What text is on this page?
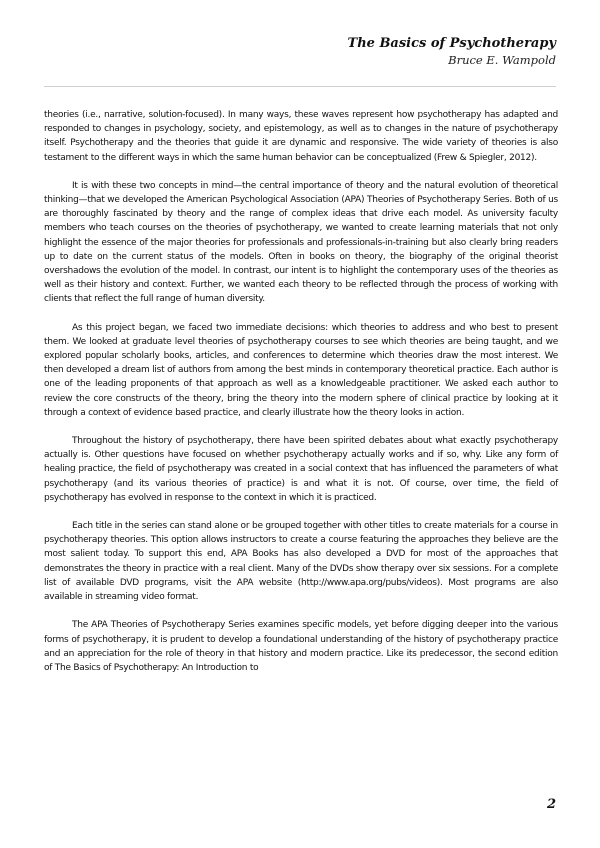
The Basics of Psychotherapy
Bruce E. Wampold

theories (i.e., narrative, solution-focused). In many ways, these waves represent how psychotherapy has adapted and responded to changes in psychology, society, and epistemology, as well as to changes in the nature of psychotherapy itself. Psychotherapy and the theories that guide it are dynamic and responsive. The wide variety of theories is also testament to the different ways in which the same human behavior can be conceptualized (Frew & Spiegler, 2012).

It is with these two concepts in mind—the central importance of theory and the natural evolution of theoretical thinking—that we developed the American Psychological Association (APA) Theories of Psychotherapy Series. Both of us are thoroughly fascinated by theory and the range of complex ideas that drive each model. As university faculty members who teach courses on the theories of psychotherapy, we wanted to create learning materials that not only highlight the essence of the major theories for professionals and professionals-in-training but also clearly bring readers up to date on the current status of the models. Often in books on theory, the biography of the original theorist overshadows the evolution of the model. In contrast, our intent is to highlight the contemporary uses of the theories as well as their history and context. Further, we wanted each theory to be reflected through the process of working with clients that reflect the full range of human diversity.

As this project began, we faced two immediate decisions: which theories to address and who best to present them. We looked at graduate level theories of psychotherapy courses to see which theories are being taught, and we explored popular scholarly books, articles, and conferences to determine which theories draw the most interest. We then developed a dream list of authors from among the best minds in contemporary theoretical practice. Each author is one of the leading proponents of that approach as well as a knowledgeable practitioner. We asked each author to review the core constructs of the theory, bring the theory into the modern sphere of clinical practice by looking at it through a context of evidence based practice, and clearly illustrate how the theory looks in action.

Throughout the history of psychotherapy, there have been spirited debates about what exactly psychotherapy actually is. Other questions have focused on whether psychotherapy actually works and if so, why. Like any form of healing practice, the field of psychotherapy was created in a social context that has influenced the parameters of what psychotherapy (and its various theories of practice) is and what it is not. Of course, over time, the field of psychotherapy has evolved in response to the context in which it is practiced.

Each title in the series can stand alone or be grouped together with other titles to create materials for a course in psychotherapy theories. This option allows instructors to create a course featuring the approaches they believe are the most salient today. To support this end, APA Books has also developed a DVD for most of the approaches that demonstrates the theory in practice with a real client. Many of the DVDs show therapy over six sessions. For a complete list of available DVD programs, visit the APA website (http://www.apa.org/pubs/videos). Most programs are also available in streaming video format.

The APA Theories of Psychotherapy Series examines specific models, yet before digging deeper into the various forms of psychotherapy, it is prudent to develop a foundational understanding of the history of psychotherapy practice and an appreciation for the role of theory in that history and modern practice. Like its predecessor, the second edition of The Basics of Psychotherapy: An Introduction to

2
